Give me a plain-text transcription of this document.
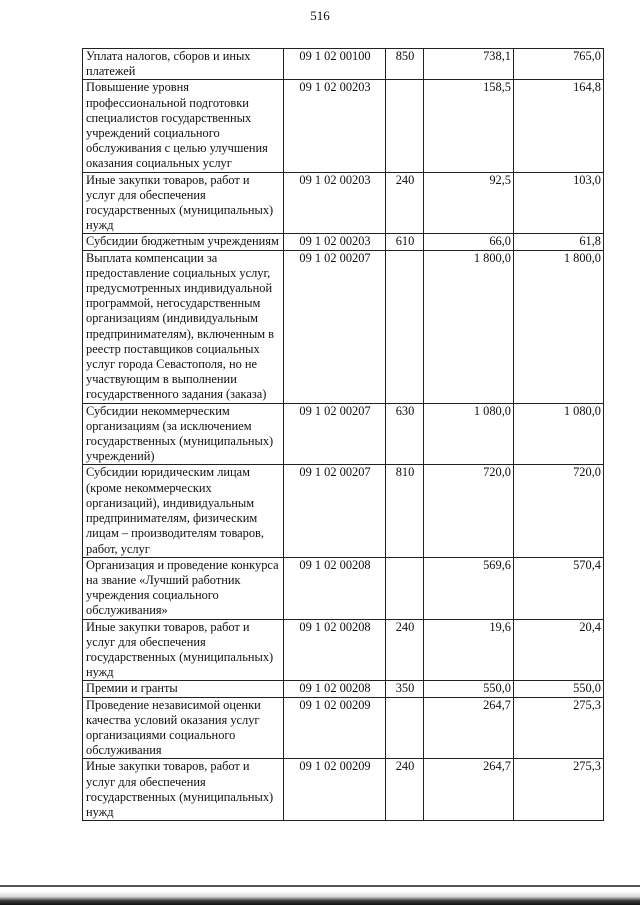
516
Уплата налогов, сборов и иных платежей	09 1 02 00100	850	738,1	765,0
Повышение уровня профессиональной подготовки специалистов государственных учреждений социального обслуживания с целью улучшения оказания социальных услуг	09 1 02 00203		158,5	164,8
Иные закупки товаров, работ и услуг для обеспечения государственных (муниципальных) нужд	09 1 02 00203	240	92,5	103,0
Субсидии бюджетным учреждениям	09 1 02 00203	610	66,0	61,8
Выплата компенсации за предоставление социальных услуг, предусмотренных индивидуальной программой, негосударственным организациям (индивидуальным предпринимателям), включенным в реестр поставщиков социальных услуг города Севастополя, но не участвующим в выполнении государственного задания (заказа)	09 1 02 00207		1 800,0	1 800,0
Субсидии некоммерческим организациям (за исключением государственных (муниципальных) учреждений)	09 1 02 00207	630	1 080,0	1 080,0
Субсидии юридическим лицам (кроме некоммерческих организаций), индивидуальным предпринимателям, физическим лицам – производителям товаров, работ, услуг	09 1 02 00207	810	720,0	720,0
Организация и проведение конкурса на звание «Лучший работник учреждения социального обслуживания»	09 1 02 00208		569,6	570,4
Иные закупки товаров, работ и услуг для обеспечения государственных (муниципальных) нужд	09 1 02 00208	240	19,6	20,4
Премии и гранты	09 1 02 00208	350	550,0	550,0
Проведение независимой оценки качества условий оказания услуг организациями социального обслуживания	09 1 02 00209		264,7	275,3
Иные закупки товаров, работ и услуг для обеспечения государственных (муниципальных) нужд	09 1 02 00209	240	264,7	275,3
